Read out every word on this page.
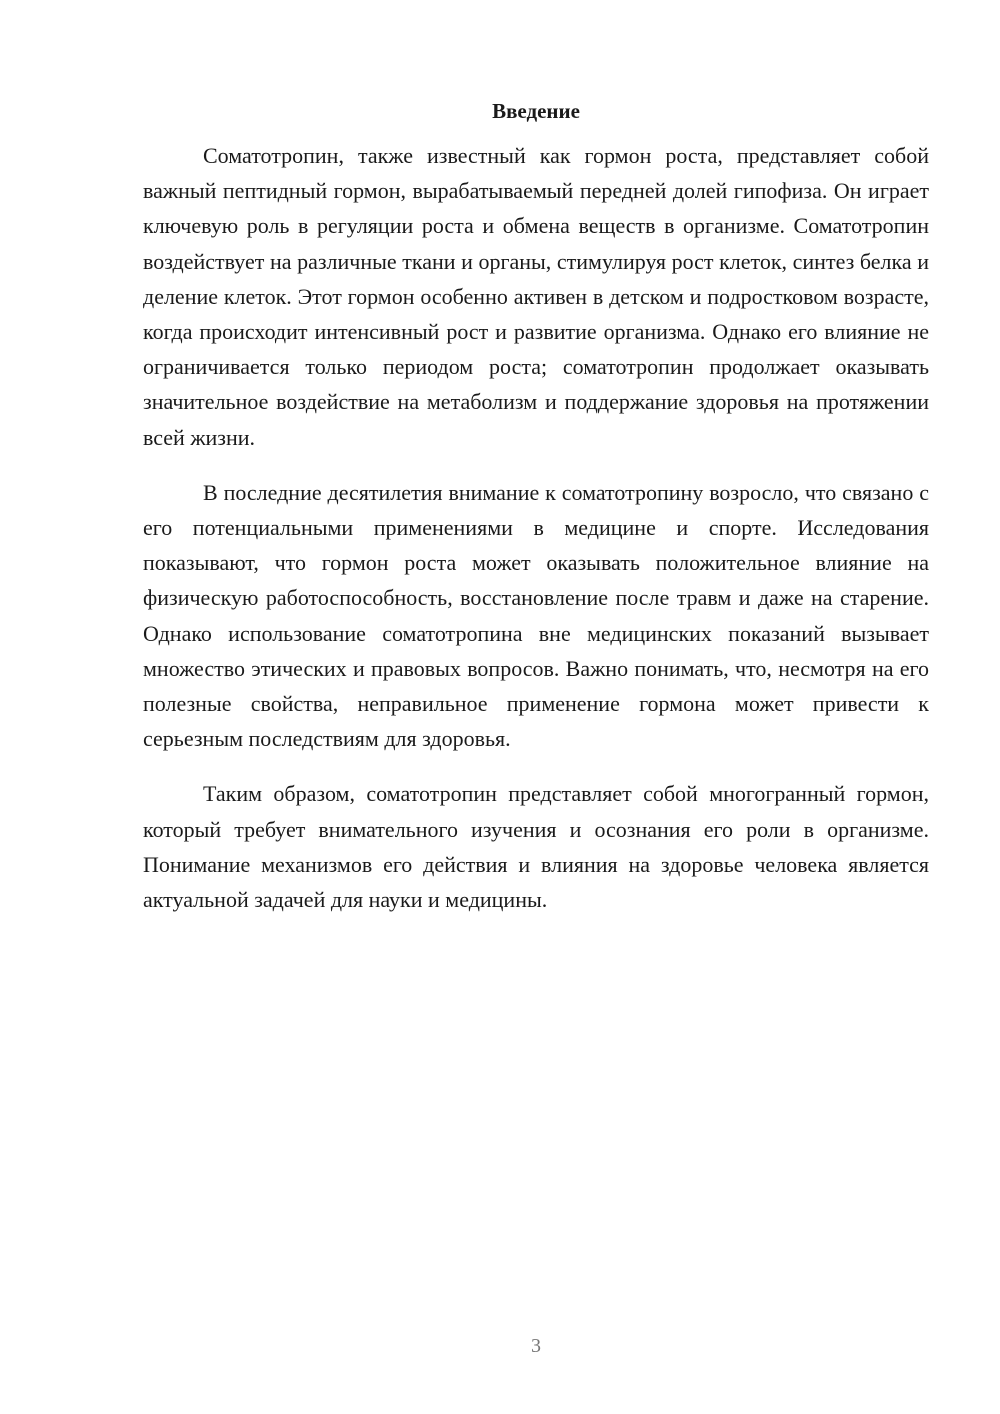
Введение

Соматотропин, также известный как гормон роста, представляет собой важный пептидный гормон, вырабатываемый передней долей гипофиза. Он играет ключевую роль в регуляции роста и обмена веществ в организме. Соматотропин воздействует на различные ткани и органы, стимулируя рост клеток, синтез белка и деление клеток. Этот гормон особенно активен в детском и подростковом возрасте, когда происходит интенсивный рост и развитие организма. Однако его влияние не ограничивается только периодом роста; соматотропин продолжает оказывать значительное воздействие на метаболизм и поддержание здоровья на протяжении всей жизни.

В последние десятилетия внимание к соматотропину возросло, что связано с его потенциальными применениями в медицине и спорте. Исследования показывают, что гормон роста может оказывать положительное влияние на физическую работоспособность, восстановление после травм и даже на старение. Однако использование соматотропина вне медицинских показаний вызывает множество этических и правовых вопросов. Важно понимать, что, несмотря на его полезные свойства, неправильное применение гормона может привести к серьезным последствиям для здоровья.

Таким образом, соматотропин представляет собой многогранный гормон, который требует внимательного изучения и осознания его роли в организме. Понимание механизмов его действия и влияния на здоровье человека является актуальной задачей для науки и медицины.

3
